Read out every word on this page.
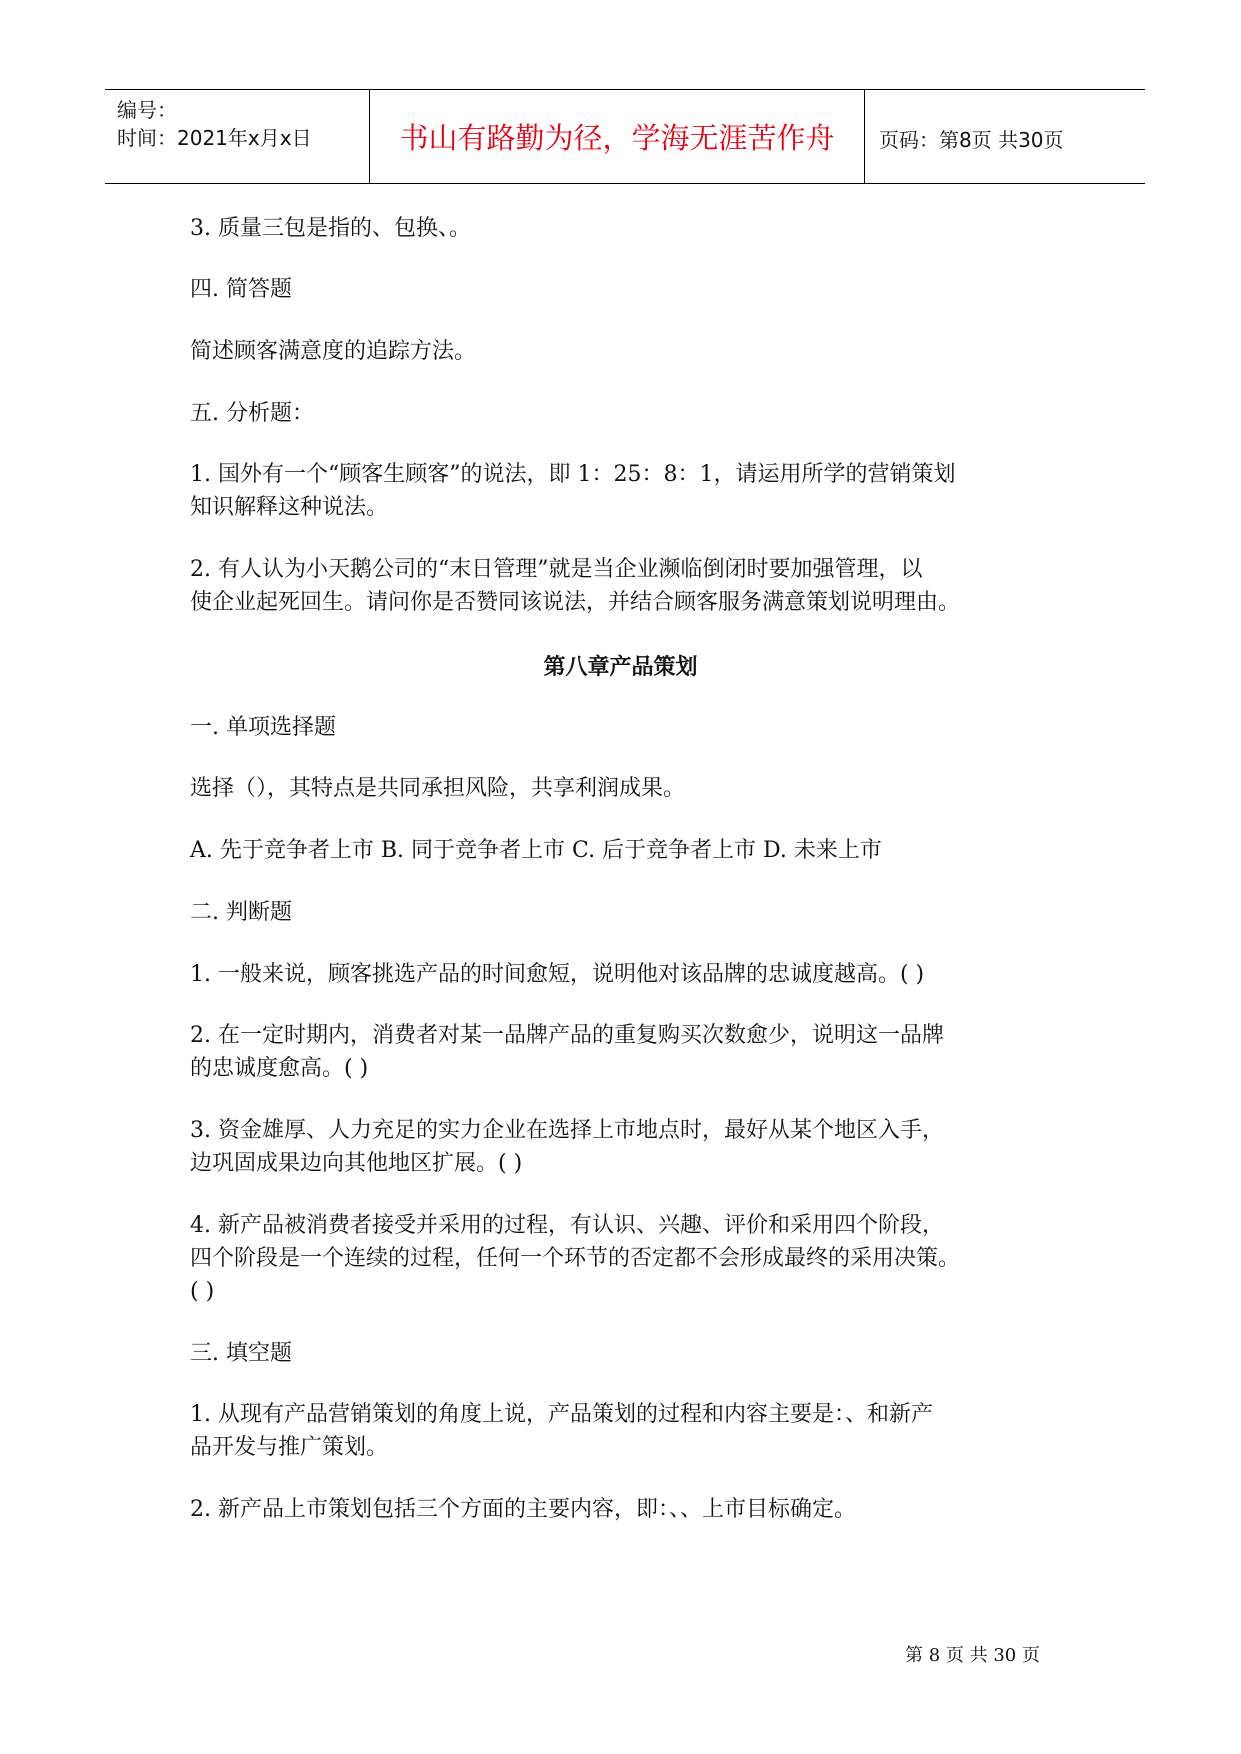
编号：
时间：2021年x月x日	书山有路勤为径，学海无涯苦作舟	页码：第8页 共30页

3. 质量三包是指的、包换、。

四. 简答题

简述顾客满意度的追踪方法。

五. 分析题：

1. 国外有一个“顾客生顾客”的说法，即 1：25：8：1，请运用所学的营销策划

知识解释这种说法。

2. 有人认为小天鹅公司的“末日管理”就是当企业濒临倒闭时要加强管理，以

使企业起死回生。请问你是否赞同该说法，并结合顾客服务满意策划说明理由。

第八章产品策划

一. 单项选择题

选择（），其特点是共同承担风险，共享利润成果。

A. 先于竞争者上市 B. 同于竞争者上市 C. 后于竞争者上市 D. 未来上市

二. 判断题

1. 一般来说，顾客挑选产品的时间愈短，说明他对该品牌的忠诚度越高。( )

2. 在一定时期内，消费者对某一品牌产品的重复购买次数愈少，说明这一品牌

的忠诚度愈高。( )

3. 资金雄厚、人力充足的实力企业在选择上市地点时，最好从某个地区入手，

边巩固成果边向其他地区扩展。( )

4. 新产品被消费者接受并采用的过程，有认识、兴趣、评价和采用四个阶段，

四个阶段是一个连续的过程，任何一个环节的否定都不会形成最终的采用决策。

( )

三. 填空题

1. 从现有产品营销策划的角度上说，产品策划的过程和内容主要是：、和新产

品开发与推广策划。

2. 新产品上市策划包括三个方面的主要内容，即：、、上市目标确定。

第 8 页 共 30 页
